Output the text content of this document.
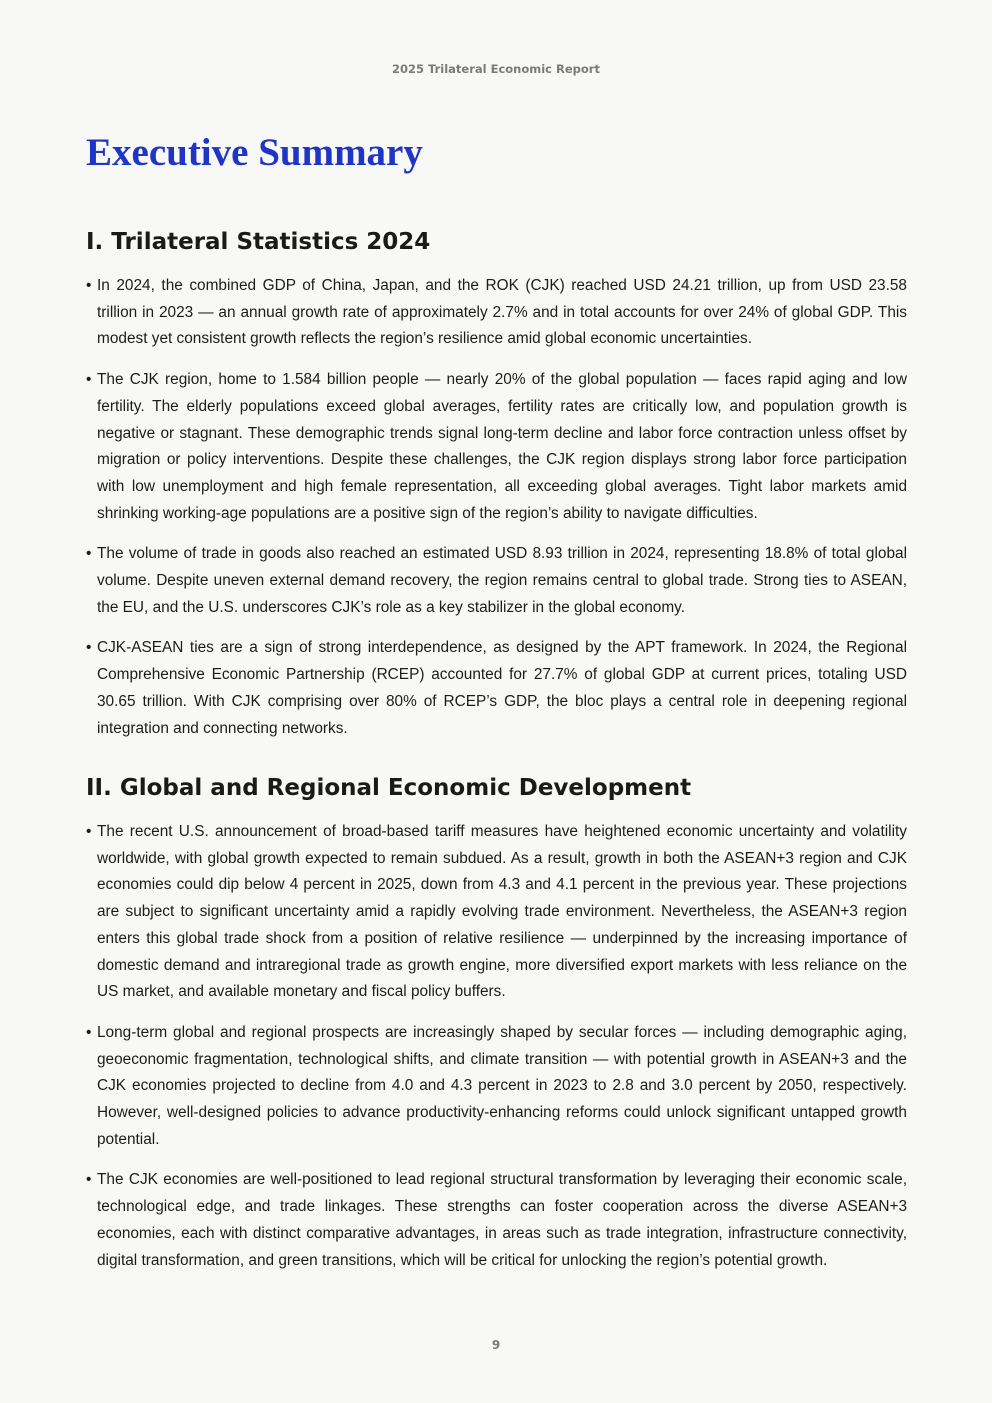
2025 Trilateral Economic Report
Executive Summary
I. Trilateral Statistics 2024
• In 2024, the combined GDP of China, Japan, and the ROK (CJK) reached USD 24.21 trillion, up from USD 23.58 trillion in 2023 — an annual growth rate of approximately 2.7% and in total accounts for over 24% of global GDP. This modest yet consistent growth reflects the region’s resilience amid global economic uncertainties.
• The CJK region, home to 1.584 billion people — nearly 20% of the global population — faces rapid aging and low fertility. The elderly populations exceed global averages, fertility rates are critically low, and population growth is negative or stagnant. These demographic trends signal long-term decline and labor force contraction unless offset by migration or policy interventions. Despite these challenges, the CJK region displays strong labor force participation with low unemployment and high female representation, all exceeding global averages. Tight labor markets amid shrinking working-age populations are a positive sign of the region’s ability to navigate difficulties.
• The volume of trade in goods also reached an estimated USD 8.93 trillion in 2024, representing 18.8% of total global volume. Despite uneven external demand recovery, the region remains central to global trade. Strong ties to ASEAN, the EU, and the U.S. underscores CJK’s role as a key stabilizer in the global economy.
• CJK-ASEAN ties are a sign of strong interdependence, as designed by the APT framework. In 2024, the Regional Comprehensive Economic Partnership (RCEP) accounted for 27.7% of global GDP at current prices, totaling USD 30.65 trillion. With CJK comprising over 80% of RCEP’s GDP, the bloc plays a central role in deepening regional integration and connecting networks.
II. Global and Regional Economic Development
• The recent U.S. announcement of broad-based tariff measures have heightened economic uncertainty and volatility worldwide, with global growth expected to remain subdued. As a result, growth in both the ASEAN+3 region and CJK economies could dip below 4 percent in 2025, down from 4.3 and 4.1 percent in the previous year. These projections are subject to significant uncertainty amid a rapidly evolving trade environment. Nevertheless, the ASEAN+3 region enters this global trade shock from a position of relative resilience — underpinned by the increasing importance of domestic demand and intraregional trade as growth engine, more diversified export markets with less reliance on the US market, and available monetary and fiscal policy buffers.
• Long-term global and regional prospects are increasingly shaped by secular forces — including demographic aging, geoeconomic fragmentation, technological shifts, and climate transition — with potential growth in ASEAN+3 and the CJK economies projected to decline from 4.0 and 4.3 percent in 2023 to 2.8 and 3.0 percent by 2050, respectively. However, well-designed policies to advance productivity-enhancing reforms could unlock significant untapped growth potential.
• The CJK economies are well-positioned to lead regional structural transformation by leveraging their economic scale, technological edge, and trade linkages. These strengths can foster cooperation across the diverse ASEAN+3 economies, each with distinct comparative advantages, in areas such as trade integration, infrastructure connectivity, digital transformation, and green transitions, which will be critical for unlocking the region’s potential growth.
9
